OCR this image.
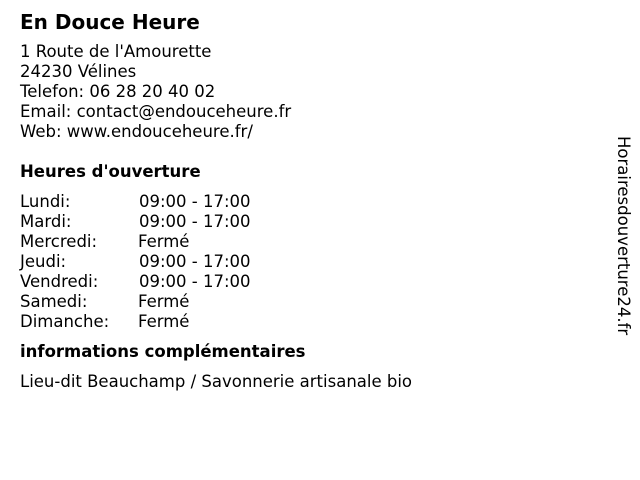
En Douce Heure
1 Route de l'Amourette
24230 Vélines
Telefon: 06 28 20 40 02
Email: contact@endouceheure.fr
Web: www.endouceheure.fr/
Heures d'ouverture
Lundi:	09:00 - 17:00
Mardi:	09:00 - 17:00
Mercredi: Fermé
Jeudi:	09:00 - 17:00
Vendredi: 09:00 - 17:00
Samedi:	Fermé
Dimanche: Fermé
informations complémentaires
Lieu-dit Beauchamp / Savonnerie artisanale bio
Horairesdouverture24.fr
